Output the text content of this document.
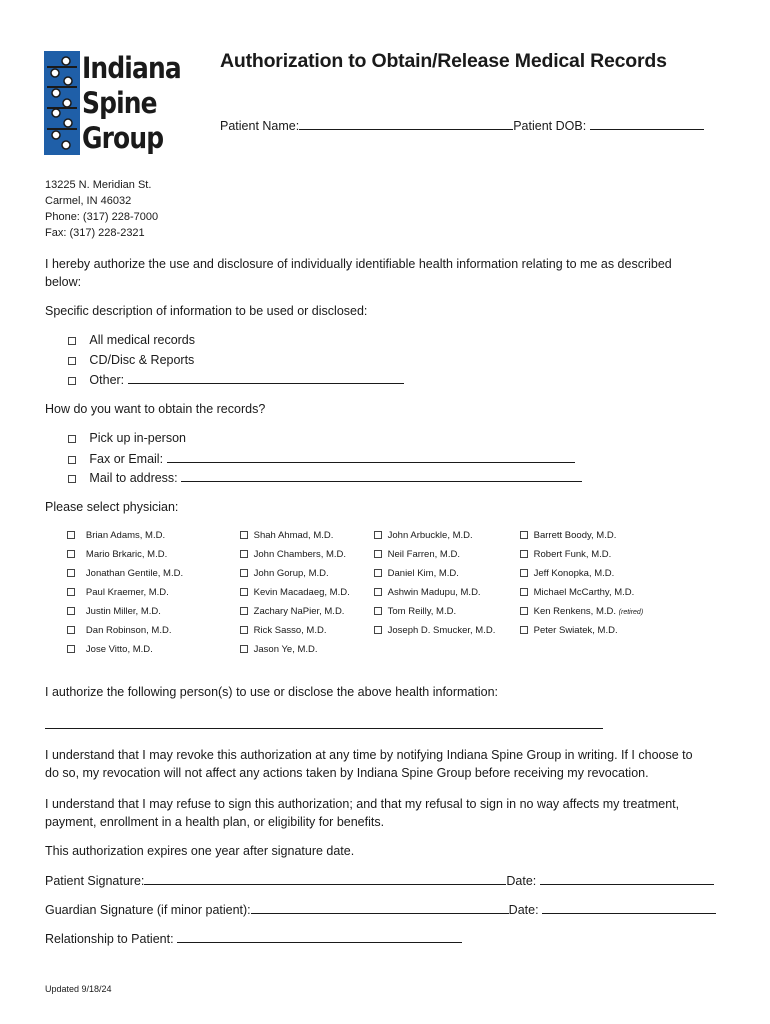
Indiana
Spine
Group
Authorization to Obtain/Release Medical Records
Patient Name:	Patient DOB:
13225 N. Meridian St.
Carmel, IN 46032
Phone: (317) 228-7000
Fax: (317) 228-2321
I hereby authorize the use and disclosure of individually identifiable health information relating to me as described
below:
Specific description of information to be used or disclosed:
All medical records
CD/Disc & Reports
Other:
How do you want to obtain the records?
Pick up in-person
Fax or Email:
Mail to address:
Please select physician:
Brian Adams, M.D.
Mario Brkaric, M.D.
Jonathan Gentile, M.D.
Paul Kraemer, M.D.
Justin Miller, M.D.
Dan Robinson, M.D.
Jose Vitto, M.D.
Shah Ahmad, M.D.
John Chambers, M.D.
John Gorup, M.D.
Kevin Macadaeg, M.D.
Zachary NaPier, M.D.
Rick Sasso, M.D.
Jason Ye, M.D.
John Arbuckle, M.D.
Neil Farren, M.D.
Daniel Kim, M.D.
Ashwin Madupu, M.D.
Tom Reilly, M.D.
Joseph D. Smucker, M.D.
Barrett Boody, M.D.
Robert Funk, M.D.
Jeff Konopka, M.D.
Michael McCarthy, M.D.
Ken Renkens, M.D. (retired)
Peter Swiatek, M.D.
I authorize the following person(s) to use or disclose the above health information:
I understand that I may revoke this authorization at any time by notifying Indiana Spine Group in writing. If I choose to
do so, my revocation will not affect any actions taken by Indiana Spine Group before receiving my revocation.
I understand that I may refuse to sign this authorization; and that my refusal to sign in no way affects my treatment,
payment, enrollment in a health plan, or eligibility for benefits.
This authorization expires one year after signature date.
Patient Signature:	Date:
Guardian Signature (if minor patient):	Date:
Relationship to Patient:
Updated 9/18/24
